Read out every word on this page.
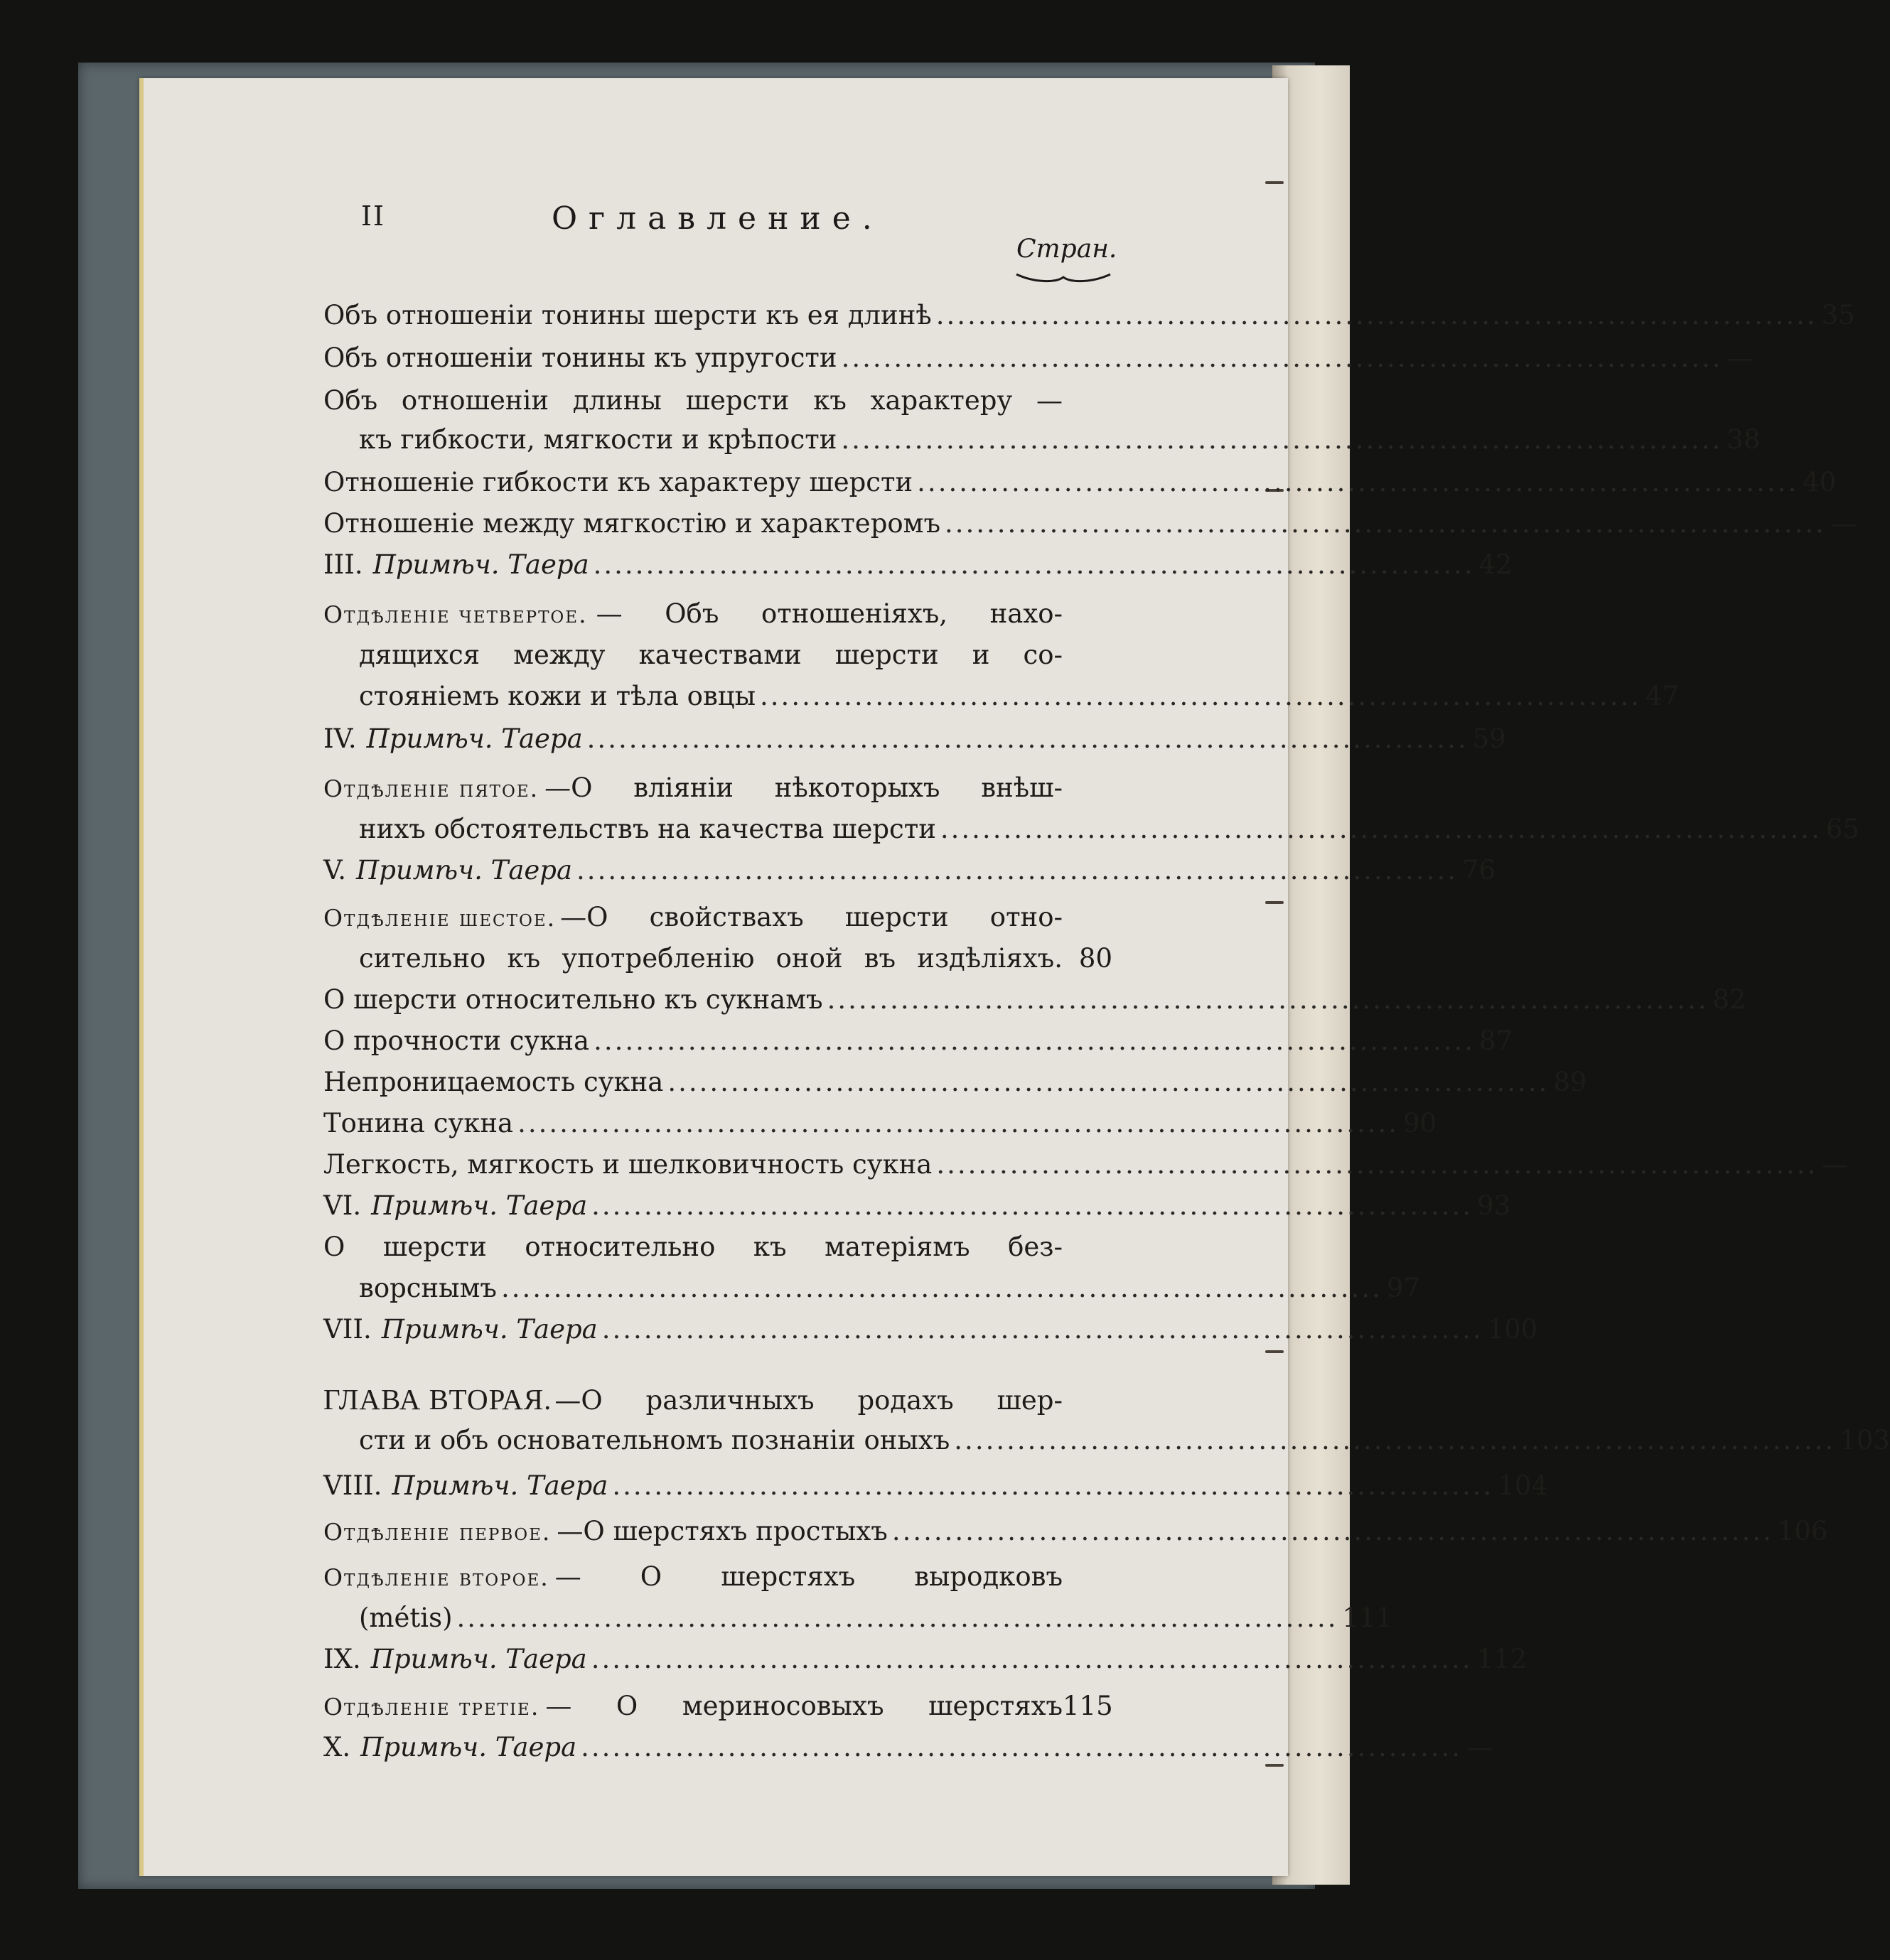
II	Оглавление.
Стран.
Объ отношенiи тонины шерсти къ ея длинѣ .................................................................................... 35
Объ отношенiи тонины къ упругости .................................................................................... —
Объ отношенiи длины шерсти къ характеру —
къ гибкости, мягкости и крѣпости .................................................................................... 38
Отношенiе гибкости къ характеру шерсти .................................................................................... 40
Отношенiе между мягкостiю и характеромъ .................................................................................... —
III. Примѣч. Таера .................................................................................... 42
Отдѣленiе четвертое. — Объ отношенiяхъ, нахо-
дящихся между качествами шерсти и со-
стоянiемъ кожи и тѣла овцы .................................................................................... 47
IV. Примѣч. Таера .................................................................................... 59
Отдѣленiе пятое. —О влiянiи нѣкоторыхъ внѣш-
нихъ обстоятельствъ на качества шерсти .................................................................................... 65
V. Примѣч. Таера .................................................................................... 76
Отдѣленiе шестое. —О свойствахъ шерсти отно-
сительно къ употребленiю оной въ издѣлiяхъ. 80
О шерсти относительно къ сукнамъ .................................................................................... 82
О прочности сукна .................................................................................... 87
Непроницаемость сукна .................................................................................... 89
Тонина сукна .................................................................................... 90
Легкость, мягкость и шелковичность сукна .................................................................................... —
VI. Примѣч. Таера .................................................................................... 93
О шерсти относительно къ матерiямъ без-
ворснымъ .................................................................................... 97
VII. Примѣч. Таера .................................................................................... 100
ГЛАВА ВТОРАЯ. —О различныхъ родахъ шер-
сти и объ основательномъ познанiи оныхъ .................................................................................... 103
VIII. Примѣч. Таера .................................................................................... 104
Отдѣленiе первое. —О шерстяхъ простыхъ .................................................................................... 106
Отдѣленiе второе. — О шерстяхъ выродковъ
(métis) .................................................................................... 111
IX. Примѣч. Таера .................................................................................... 112
Отдѣленiе третiе. — О мериносовыхъ шерстяхъ 115
X. Примѣч. Таера .................................................................................... —
